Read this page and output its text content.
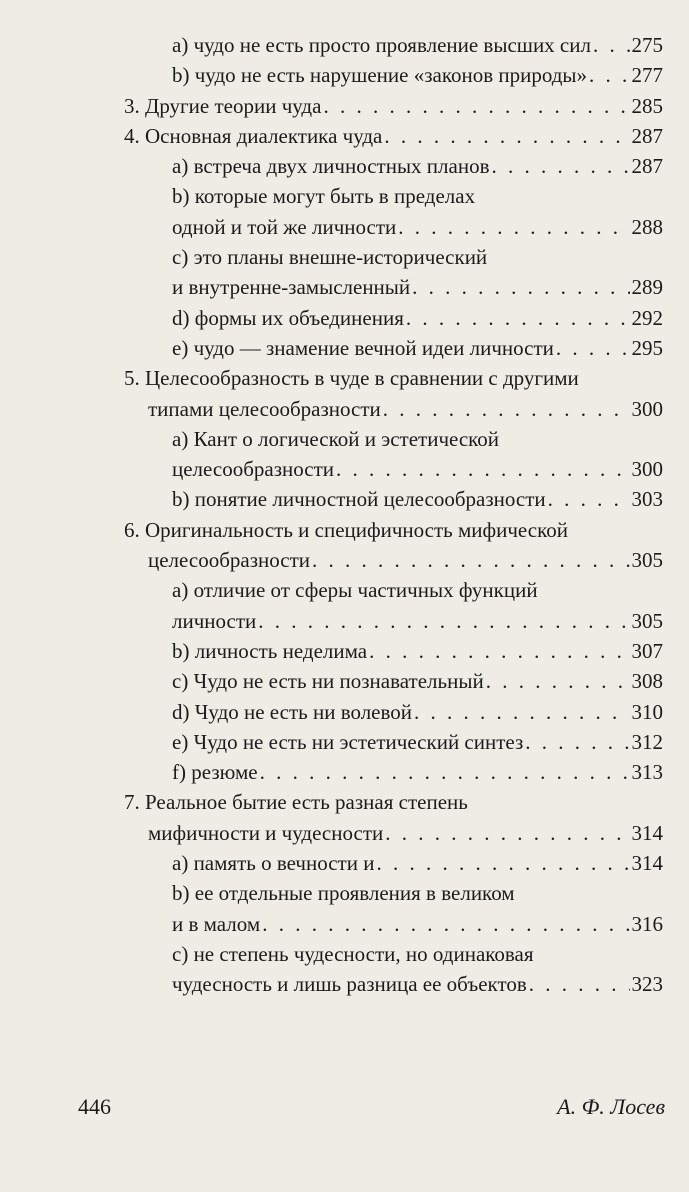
а) чудо не есть просто проявление высших сил . . . 275
b) чудо не есть нарушение «законов природы» . . . 277
3. Другие теории чуда . . .	285
4. Основная диалектика чуда . . .	287
а) встреча двух личностных планов . . .	287
b) которые могут быть в пределах
одной и той же личности . . .	288
с) это планы внешне-исторический
и внутренне-замысленный . . .	289
d) формы их объединения . . .	292
е) чудо — знамение вечной идеи личности . . .	295
5. Целесообразность в чуде в сравнении с другими
типами целесообразности . . .	300
а) Кант о логической и эстетической
целесообразности . . .	300
b) понятие личностной целесообразности . . .	303
6. Оригинальность и специфичность мифической
целесообразности . . .	305
а) отличие от сферы частичных функций
личности . . .	305
b) личность неделима . . .	307
с) Чудо не есть ни познавательный . . .	308
d) Чудо не есть ни волевой . . .	310
е) Чудо не есть ни эстетический синтез . . .	312
f) резюме . . .	313
7. Реальное бытие есть разная степень
мифичности и чудесности . . .	314
а) память о вечности и . . .	314
b) ее отдельные проявления в великом
и в малом . . .	316
с) не степень чудесности, но одинаковая
чудесность и лишь разница ее объектов . . .	323
446	А. Ф. Лосев
